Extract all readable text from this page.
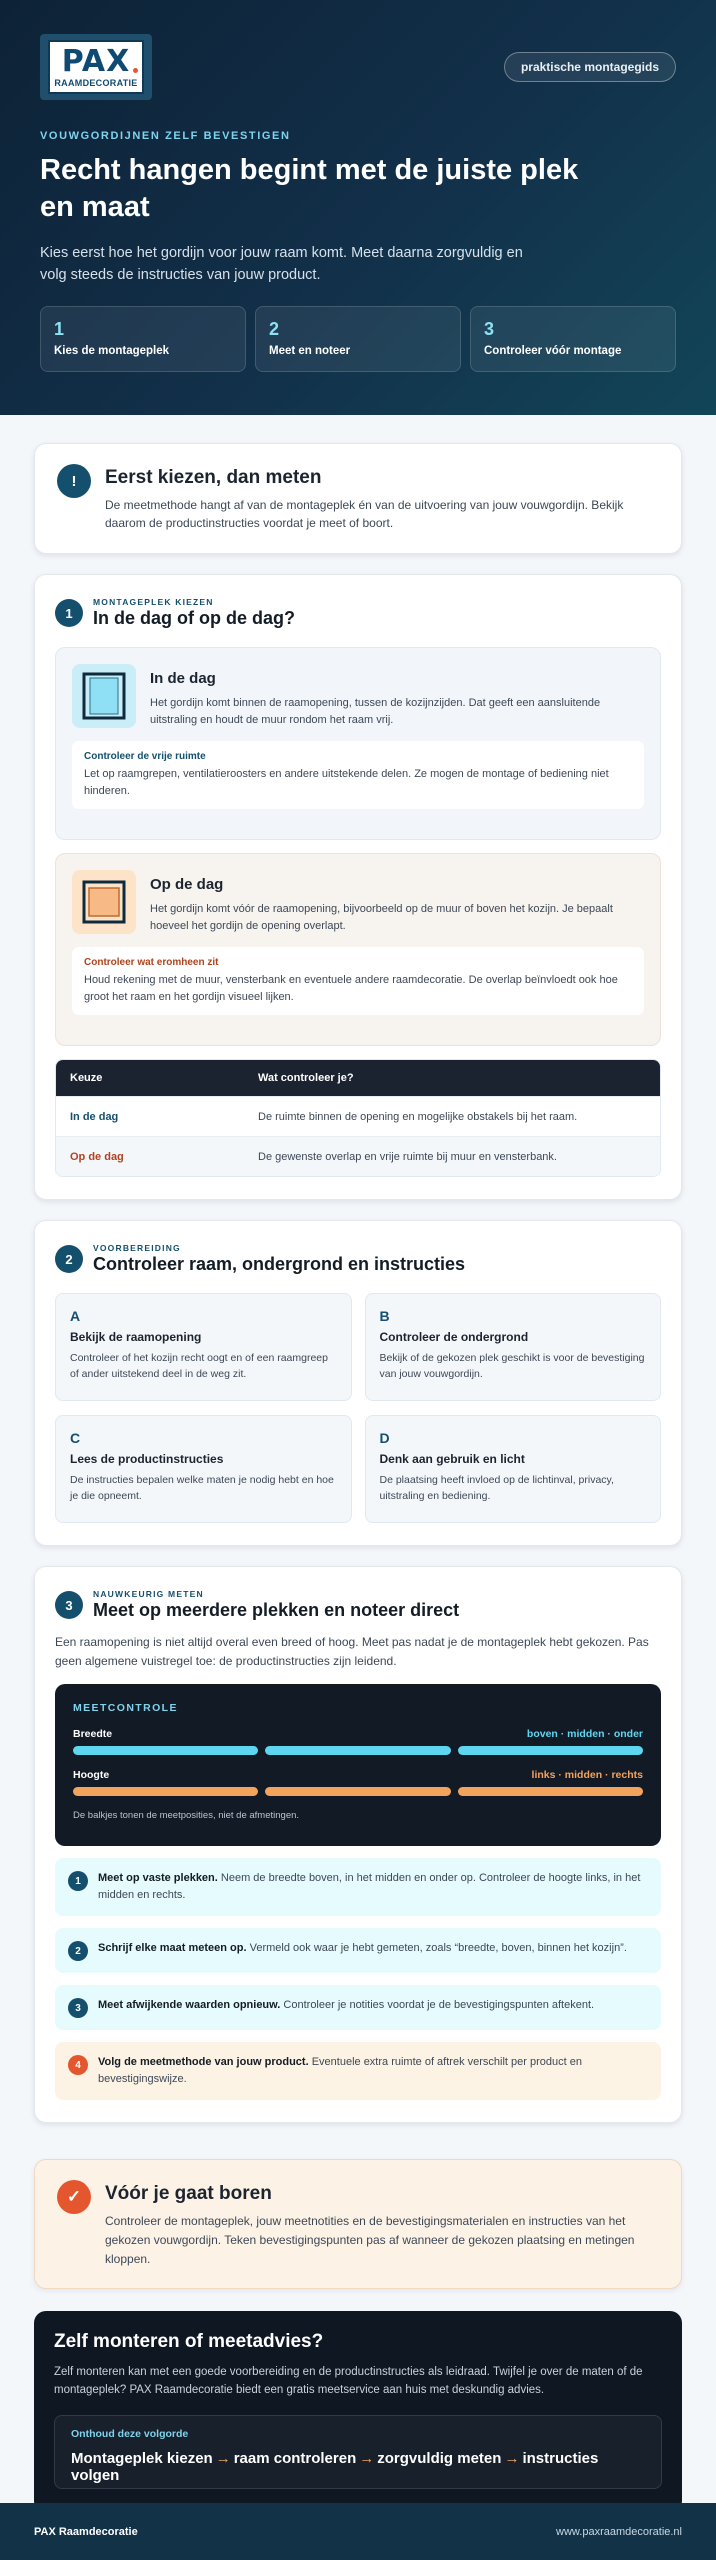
PAX
RAAMDECORATIE
praktische montagegids
VOUWGORDIJNEN ZELF BEVESTIGEN
Recht hangen begint met de juiste plek en maat

Kies eerst hoe het gordijn voor jouw raam komt. Meet daarna zorgvuldig en volg steeds de instructies van jouw product.

1
Kies de montageplek
2
Meet en noteer
3
Controleer vóór montage
!	Eerst kiezen, dan meten

De meetmethode hangt af van de montageplek én van de uitvoering van jouw vouwgordijn. Bekijk daarom de productinstructies voordat je meet of boort.

1
MONTAGEPLEK KIEZEN
In de dag of op de dag?
In de dag
Het gordijn komt binnen de raamopening, tussen de kozijnzijden. Dat geeft een aansluitende uitstraling en houdt de muur rondom het raam vrij.
Controleer de vrije ruimte
Let op raamgrepen, ventilatieroosters en andere uitstekende delen. Ze mogen de montage of bediening niet hinderen.
Op de dag
Het gordijn komt vóór de raamopening, bijvoorbeeld op de muur of boven het kozijn. Je bepaalt hoeveel het gordijn de opening overlapt.
Controleer wat eromheen zit
Houd rekening met de muur, vensterbank en eventuele andere raamdecoratie. De overlap beïnvloedt ook hoe groot het raam en het gordijn visueel lijken.
Keuze	Wat controleer je?
In de dag	De ruimte binnen de opening en mogelijke obstakels bij het raam.
Op de dag	De gewenste overlap en vrije ruimte bij muur en vensterbank.
2
VOORBEREIDING
Controleer raam, ondergrond en instructies
A
Bekijk de raamopening
Controleer of het kozijn recht oogt en of een raamgreep of ander uitstekend deel in de weg zit.
B
Controleer de ondergrond
Bekijk of de gekozen plek geschikt is voor de bevestiging van jouw vouwgordijn.
C
Lees de productinstructies
De instructies bepalen welke maten je nodig hebt en hoe je die opneemt.
D
Denk aan gebruik en licht
De plaatsing heeft invloed op de lichtinval, privacy, uitstraling en bediening.
3
NAUWKEURIG METEN
Meet op meerdere plekken en noteer direct

Een raamopening is niet altijd overal even breed of hoog. Meet pas nadat je de montageplek hebt gekozen. Pas geen algemene vuistregel toe: de productinstructies zijn leidend.

MEETCONTROLE
Breedte	boven · midden · onder
Hoogte	links · midden · rechts
De balkjes tonen de meetposities, niet de afmetingen.
1	Meet op vaste plekken. Neem de breedte boven, in het midden en onder op. Controleer de hoogte links, in het midden en rechts.
2	Schrijf elke maat meteen op. Vermeld ook waar je hebt gemeten, zoals “breedte, boven, binnen het kozijn”.
3	Meet afwijkende waarden opnieuw. Controleer je notities voordat je de bevestigingspunten aftekent.
4	Volg de meetmethode van jouw product. Eventuele extra ruimte of aftrek verschilt per product en bevestigingswijze.
✓	Vóór je gaat boren

Controleer de montageplek, jouw meetnotities en de bevestigingsmaterialen en instructies van het gekozen vouwgordijn. Teken bevestigingspunten pas af wanneer de gekozen plaatsing en metingen kloppen.

Zelf monteren of meetadvies?

Zelf monteren kan met een goede voorbereiding en de productinstructies als leidraad. Twijfel je over de maten of de montageplek? PAX Raamdecoratie biedt een gratis meetservice aan huis met deskundig advies.

Onthoud deze volgorde
Montageplek kiezen → raam controleren → zorgvuldig meten → instructies volgen
PAX Raamdecoratie	www.paxraamdecoratie.nl
